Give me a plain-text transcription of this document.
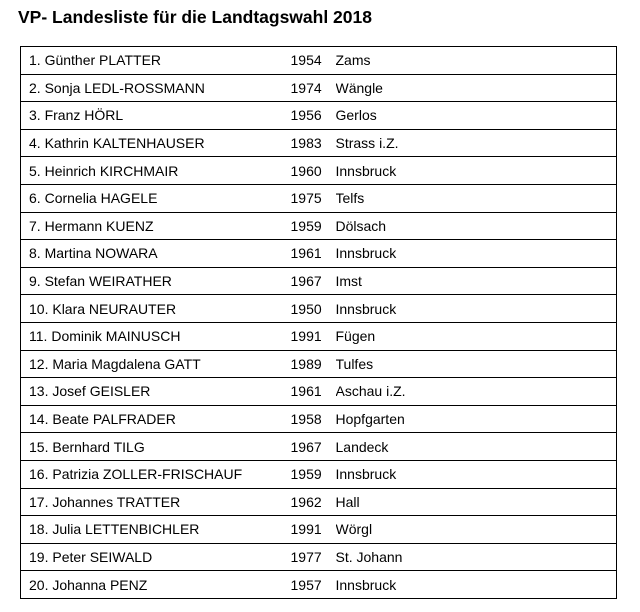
VP- Landesliste für die Landtagswahl 2018
1. Günther PLATTER	1954	Zams
2. Sonja LEDL-ROSSMANN	1974	Wängle
3. Franz HÖRL	1956	Gerlos
4. Kathrin KALTENHAUSER	1983	Strass i.Z.
5. Heinrich KIRCHMAIR	1960	Innsbruck
6. Cornelia HAGELE	1975	Telfs
7. Hermann KUENZ	1959	Dölsach
8. Martina NOWARA	1961	Innsbruck
9. Stefan WEIRATHER	1967	Imst
10. Klara NEURAUTER	1950	Innsbruck
11. Dominik MAINUSCH	1991	Fügen
12. Maria Magdalena GATT	1989	Tulfes
13. Josef GEISLER	1961	Aschau i.Z.
14. Beate PALFRADER	1958	Hopfgarten
15. Bernhard TILG	1967	Landeck
16. Patrizia ZOLLER-FRISCHAUF	1959	Innsbruck
17. Johannes TRATTER	1962	Hall
18. Julia LETTENBICHLER	1991	Wörgl
19. Peter SEIWALD	1977	St. Johann
20. Johanna PENZ	1957	Innsbruck
